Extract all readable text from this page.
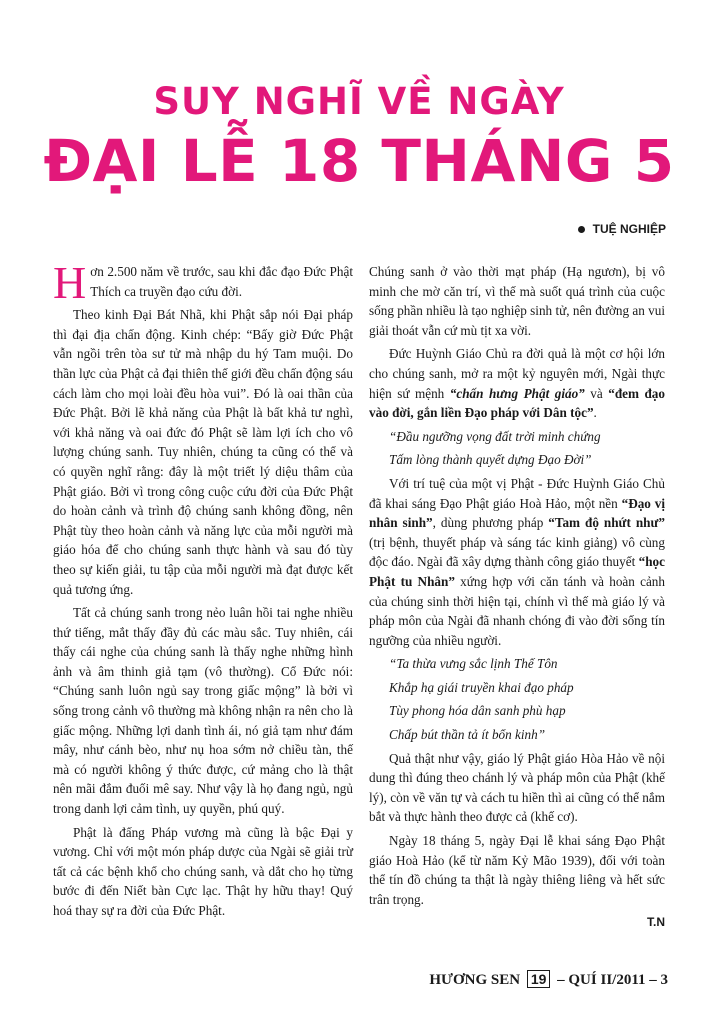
SUY NGHĨ VỀ NGÀY
ĐẠI LỄ 18 THÁNG 5
TUỆ NGHIỆP

Hơn 2.500 năm về trước, sau khi đắc đạo Đức Phật Thích ca truyền đạo cứu đời.

Theo kinh Đại Bát Nhã, khi Phật sắp nói Đại pháp thì đại địa chấn động. Kinh chép: “Bấy giờ Đức Phật vẫn ngồi trên tòa sư tử mà nhập du hý Tam muội. Do thần lực của Phật cả đại thiên thế giới đều chấn động sáu cách làm cho mọi loài đều hòa vui”. Đó là oai thần của Đức Phật. Bởi lẽ khả năng của Phật là bất khả tư nghì, với khả năng và oai đức đó Phật sẽ làm lợi ích cho vô lượng chúng sanh. Tuy nhiên, chúng ta cũng có thể và có quyền nghĩ rằng: đây là một triết lý diệu thâm của Phật giáo. Bởi vì trong công cuộc cứu đời của Đức Phật do hoàn cảnh và trình độ chúng sanh không đồng, nên Phật tùy theo hoàn cảnh và năng lực của mỗi người mà giáo hóa để cho chúng sanh thực hành và sau đó tùy theo sự kiến giải, tu tập của mỗi người mà đạt được kết quả tương ứng.

Tất cả chúng sanh trong nẻo luân hồi tai nghe nhiều thứ tiếng, mắt thấy đầy đủ các màu sắc. Tuy nhiên, cái thấy cái nghe của chúng sanh là thấy nghe những hình ảnh và âm thinh giả tạm (vô thường). Cổ Đức nói: “Chúng sanh luôn ngủ say trong giấc mộng” là bởi vì sống trong cảnh vô thường mà không nhận ra nên cho là giấc mộng. Những lợi danh tình ái, nó giả tạm như đám mây, như cánh bèo, như nụ hoa sớm nở chiều tàn, thế mà có người không ý thức được, cứ mảng cho là thật nên mãi đắm đuối mê say. Như vậy là họ đang ngủ, ngủ trong danh lợi cảm tình, uy quyền, phú quý.

Phật là đấng Pháp vương mà cũng là bậc Đại y vương. Chỉ với một món pháp dược của Ngài sẽ giải trừ tất cả các bệnh khổ cho chúng sanh, và dắt cho họ từng bước đi đến Niết bàn Cực lạc. Thật hy hữu thay! Quý hoá thay sự ra đời của Đức Phật.

Chúng sanh ở vào thời mạt pháp (Hạ ngươn), bị vô minh che mờ căn trí, vì thế mà suốt quá trình của cuộc sống phần nhiều là tạo nghiệp sinh tử, nên đường an vui giải thoát vẫn cứ mù tịt xa vời.

Đức Huỳnh Giáo Chủ ra đời quả là một cơ hội lớn cho chúng sanh, mở ra một kỷ nguyên mới, Ngài thực hiện sứ mệnh “chấn hưng Phật giáo” và “đem đạo vào đời, gắn liền Đạo pháp với Dân tộc”.

“Đầu ngưỡng vọng đất trời minh chứng

Tấm lòng thành quyết dựng Đạo Đời”

Với trí tuệ của một vị Phật - Đức Huỳnh Giáo Chủ đã khai sáng Đạo Phật giáo Hoà Hảo, một nền “Đạo vị nhân sinh”, dùng phương pháp “Tam độ nhứt như” (trị bệnh, thuyết pháp và sáng tác kinh giảng) vô cùng độc đáo. Ngài đã xây dựng thành công giáo thuyết “học Phật tu Nhân” xứng hợp với căn tánh và hoàn cảnh của chúng sinh thời hiện tại, chính vì thế mà giáo lý và pháp môn của Ngài đã nhanh chóng đi vào đời sống tín ngưỡng của nhiều người.

“Ta thừa vưng sắc lịnh Thế Tôn

Khắp hạ giái truyền khai đạo pháp

Tùy phong hóa dân sanh phù hạp

Chấp bút thần tả ít bổn kinh”

Quả thật như vậy, giáo lý Phật giáo Hòa Hảo về nội dung thì đúng theo chánh lý và pháp môn của Phật (khế lý), còn về văn tự và cách tu hiền thì ai cũng có thể nắm bắt và thực hành theo được cả (khế cơ).

Ngày 18 tháng 5, ngày Đại lễ khai sáng Đạo Phật giáo Hoà Hảo (kể từ năm Kỷ Mão 1939), đối với toàn thể tín đồ chúng ta thật là ngày thiêng liêng và hết sức trân trọng.

T.N
HƯƠNG SEN 19 – QUÍ II/2011 – 3
